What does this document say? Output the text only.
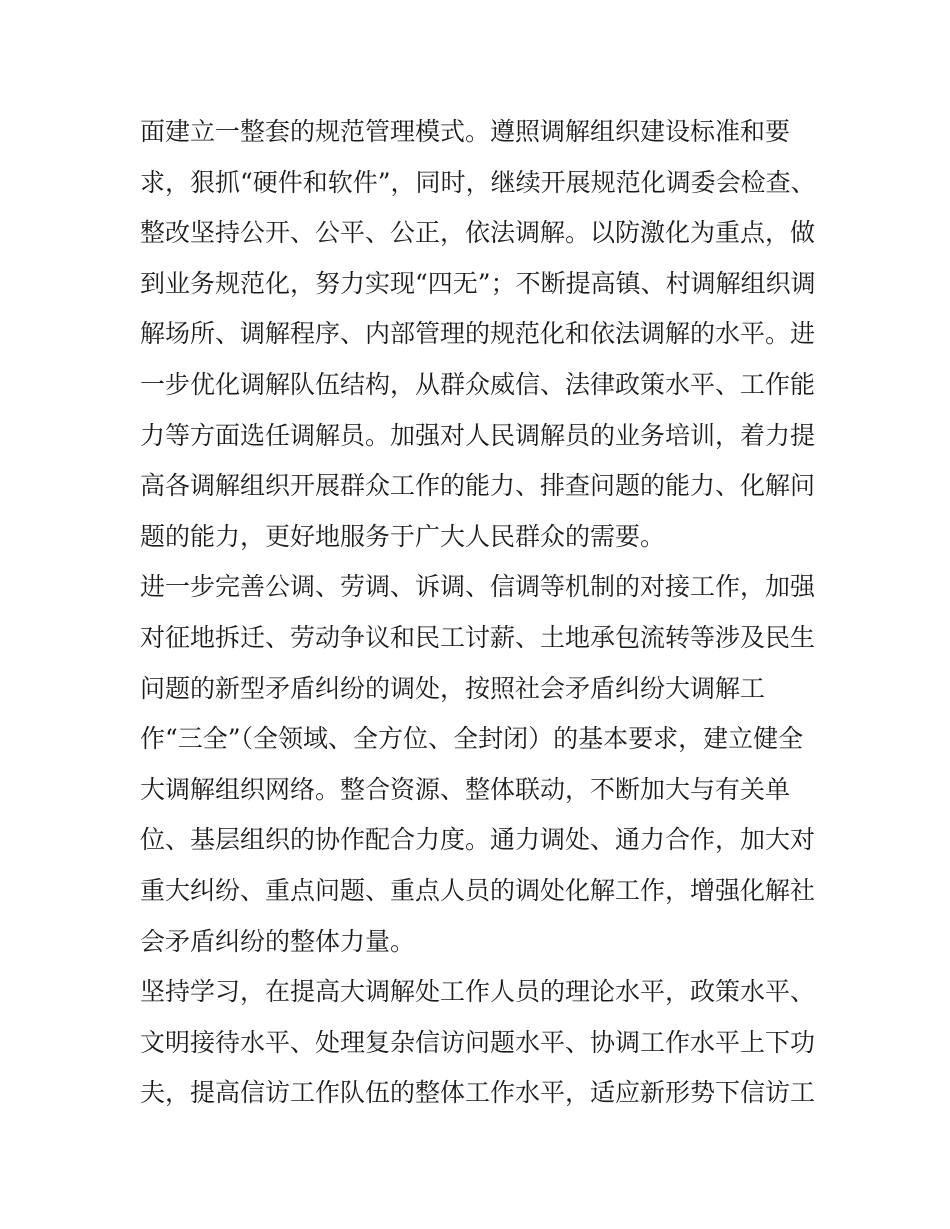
面建立一整套的规范管理模式。遵照调解组织建设标准和要
求，狠抓“硬件和软件”，同时，继续开展规范化调委会检查、
整改坚持公开、公平、公正，依法调解。以防激化为重点，做
到业务规范化，努力实现“四无”；不断提高镇、村调解组织调
解场所、调解程序、内部管理的规范化和依法调解的水平。进
一步优化调解队伍结构，从群众威信、法律政策水平、工作能
力等方面选任调解员。加强对人民调解员的业务培训，着力提
高各调解组织开展群众工作的能力、排查问题的能力、化解问
题的能力，更好地服务于广大人民群众的需要。
进一步完善公调、劳调、诉调、信调等机制的对接工作，加强
对征地拆迁、劳动争议和民工讨薪、土地承包流转等涉及民生
问题的新型矛盾纠纷的调处，按照社会矛盾纠纷大调解工
作“三全”（全领域、全方位、全封闭）的基本要求，建立健全
大调解组织网络。整合资源、整体联动，不断加大与有关单
位、基层组织的协作配合力度。通力调处、通力合作，加大对
重大纠纷、重点问题、重点人员的调处化解工作，增强化解社
会矛盾纠纷的整体力量。
坚持学习，在提高大调解处工作人员的理论水平，政策水平、
文明接待水平、处理复杂信访问题水平、协调工作水平上下功
夫，提高信访工作队伍的整体工作水平，适应新形势下信访工
